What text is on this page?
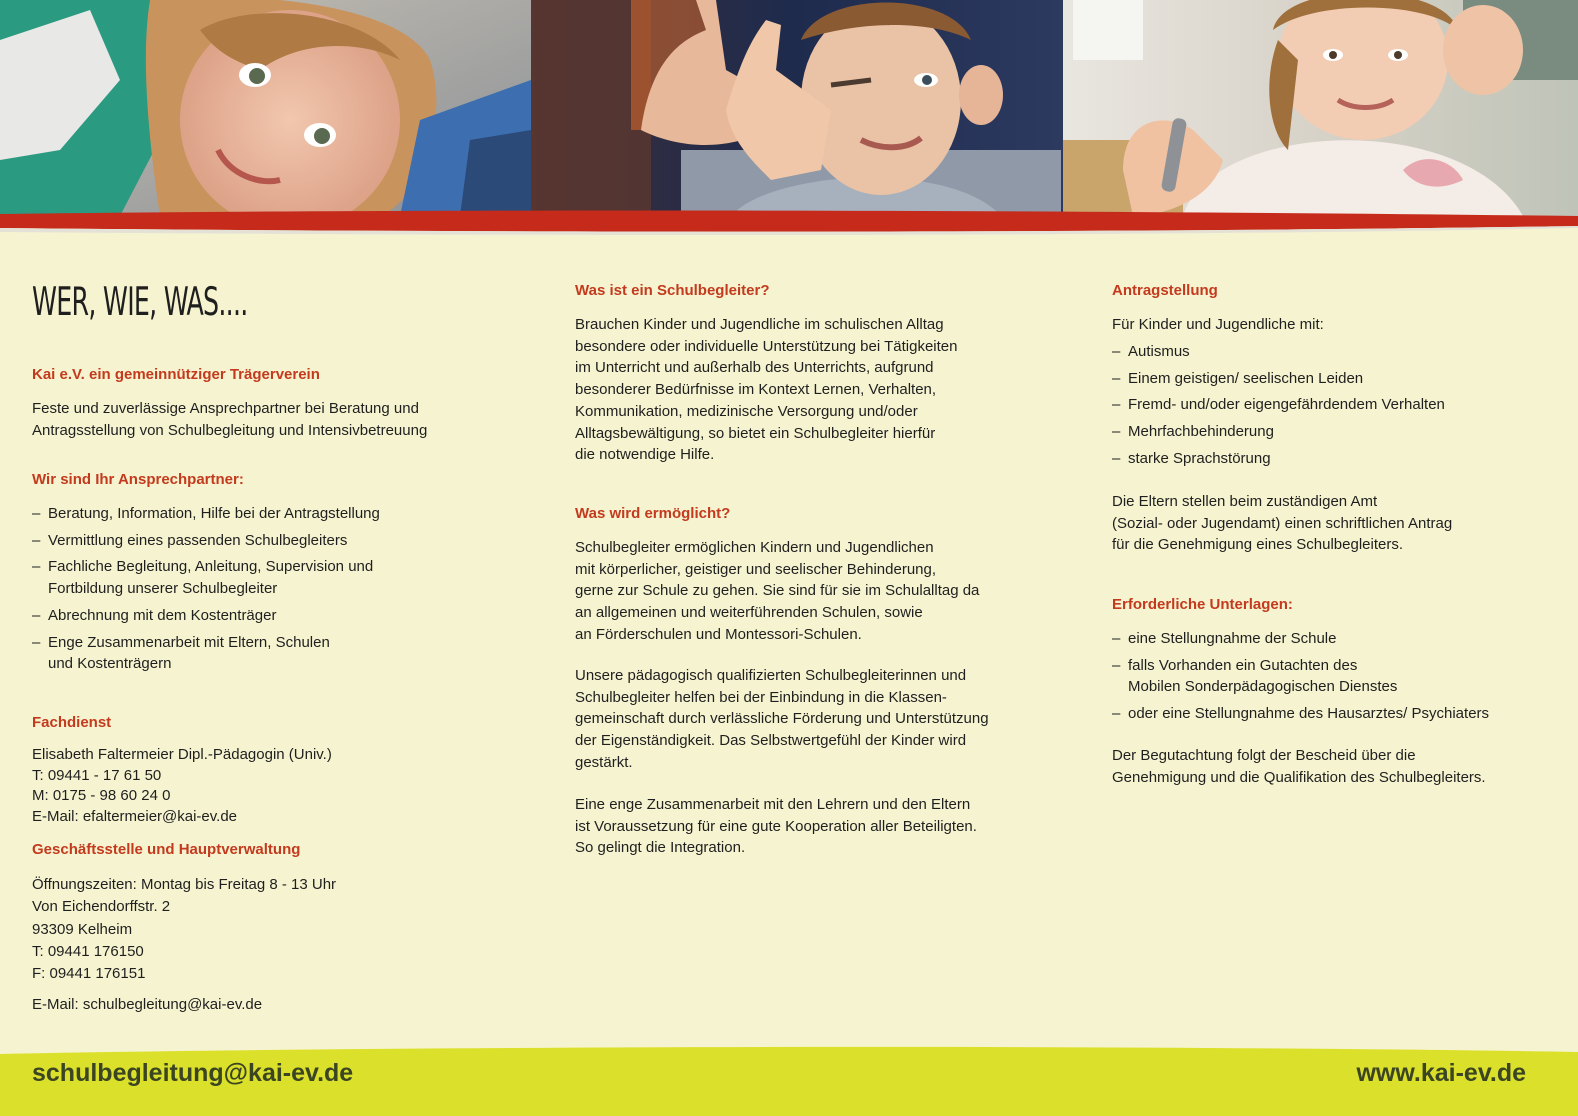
WER, WIE, WAS....
Kai e.V. ein gemeinnütziger Trägerverein
Feste und zuverlässige Ansprechpartner bei Beratung und
Antragsstellung von Schulbegleitung und Intensivbetreuung
Wir sind Ihr Ansprechpartner:
– Beratung, Information, Hilfe bei der Antragstellung
– Vermittlung eines passenden Schulbegleiters
– Fachliche Begleitung, Anleitung, Supervision und
Fortbildung unserer Schulbegleiter
– Abrechnung mit dem Kostenträger
– Enge Zusammenarbeit mit Eltern, Schulen
und Kostenträgern
Fachdienst
Elisabeth Faltermeier Dipl.-Pädagogin (Univ.)
T: 09441 - 17 61 50
M: 0175 - 98 60 24 0
E-Mail: efaltermeier@kai-ev.de
Geschäftsstelle und Hauptverwaltung
Öffnungszeiten: Montag bis Freitag 8 - 13 Uhr
Von Eichendorffstr. 2
93309 Kelheim
T: 09441 176150
F: 09441 176151
E-Mail: schulbegleitung@kai-ev.de
Was ist ein Schulbegleiter?
Brauchen Kinder und Jugendliche im schulischen Alltag
besondere oder individuelle Unterstützung bei Tätigkeiten
im Unterricht und außerhalb des Unterrichts, aufgrund
besonderer Bedürfnisse im Kontext Lernen, Verhalten,
Kommunikation, medizinische Versorgung und/oder
Alltagsbewältigung, so bietet ein Schulbegleiter hierfür
die notwendige Hilfe.
Was wird ermöglicht?
Schulbegleiter ermöglichen Kindern und Jugendlichen
mit körperlicher, geistiger und seelischer Behinderung,
gerne zur Schule zu gehen. Sie sind für sie im Schulalltag da
an allgemeinen und weiterführenden Schulen, sowie
an Förderschulen und Montessori-Schulen.
Unsere pädagogisch qualifizierten Schulbegleiterinnen und
Schulbegleiter helfen bei der Einbindung in die Klassen-
gemeinschaft durch verlässliche Förderung und Unterstützung
der Eigenständigkeit. Das Selbstwertgefühl der Kinder wird
gestärkt.
Eine enge Zusammenarbeit mit den Lehrern und den Eltern
ist Voraussetzung für eine gute Kooperation aller Beteiligten.
So gelingt die Integration.
Antragstellung
Für Kinder und Jugendliche mit:
– Autismus
– Einem geistigen/ seelischen Leiden
– Fremd- und/oder eigengefährdendem Verhalten
– Mehrfachbehinderung
– starke Sprachstörung
Die Eltern stellen beim zuständigen Amt
(Sozial- oder Jugendamt) einen schriftlichen Antrag
für die Genehmigung eines Schulbegleiters.
Erforderliche Unterlagen:
– eine Stellungnahme der Schule
– falls Vorhanden ein Gutachten des
Mobilen Sonderpädagogischen Dienstes
– oder eine Stellungnahme des Hausarztes/ Psychiaters
Der Begutachtung folgt der Bescheid über die
Genehmigung und die Qualifikation des Schulbegleiters.
schulbegleitung@kai-ev.de	www.kai-ev.de
